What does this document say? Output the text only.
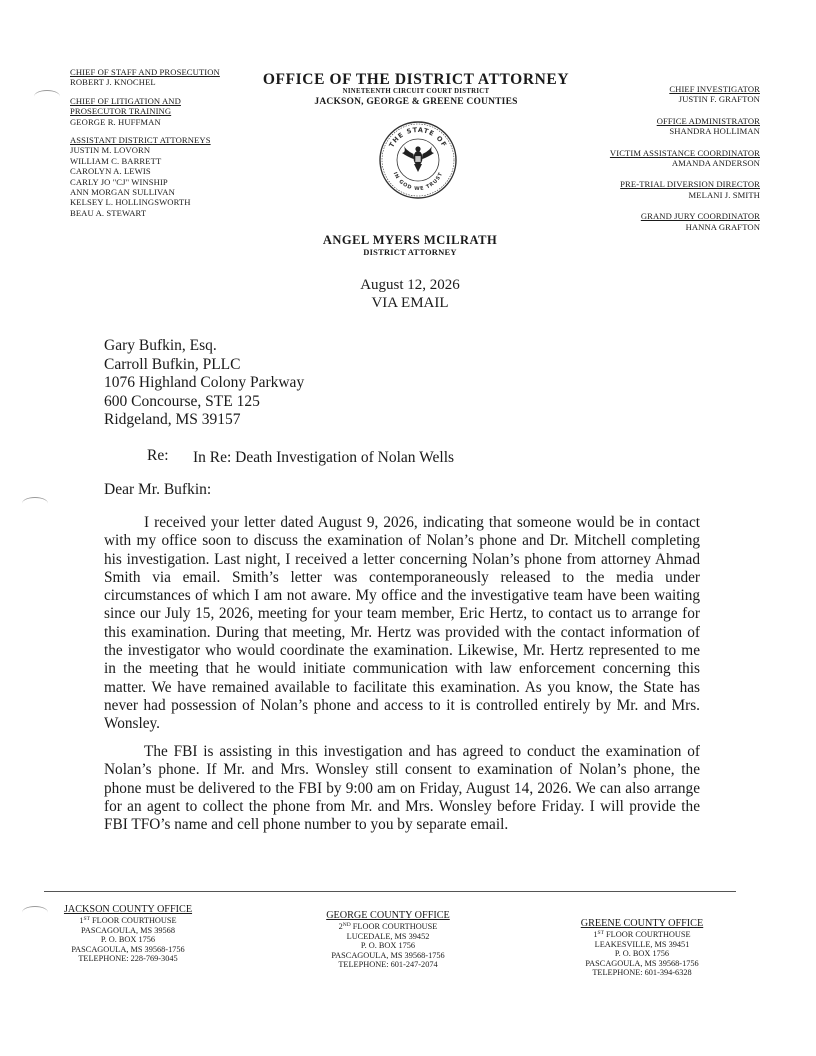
CHIEF OF STAFF AND PROSECUTION
ROBERT J. KNOCHEL
CHIEF OF LITIGATION AND
PROSECUTOR TRAINING
GEORGE R. HUFFMAN
ASSISTANT DISTRICT ATTORNEYS
JUSTIN M. LOVORN
WILLIAM C. BARRETT
CAROLYN A. LEWIS
CARLY JO "CJ" WINSHIP
ANN MORGAN SULLIVAN
KELSEY L. HOLLINGSWORTH
BEAU A. STEWART
OFFICE OF THE DISTRICT ATTORNEY
NINETEENTH CIRCUIT COURT DISTRICT
JACKSON, GEORGE & GREENE COUNTIES
THE STATE OF
IN GOD WE TRUST
CHIEF INVESTIGATOR
JUSTIN F. GRAFTON
OFFICE ADMINISTRATOR
SHANDRA HOLLIMAN
VICTIM ASSISTANCE COORDINATOR
AMANDA ANDERSON
PRE-TRIAL DIVERSION DIRECTOR
MELANI J. SMITH
GRAND JURY COORDINATOR
HANNA GRAFTON
ANGEL MYERS MCILRATH
DISTRICT ATTORNEY
August 12, 2026
VIA EMAIL
Gary Bufkin, Esq.
Carroll Bufkin, PLLC
1076 Highland Colony Parkway
600 Concourse, STE 125
Ridgeland, MS 39157
Re: In Re: Death Investigation of Nolan Wells
Dear Mr. Bufkin:
I received your letter dated August 9, 2026, indicating that someone would be in contact with my office soon to discuss the examination of Nolan’s phone and Dr. Mitchell completing his investigation. Last night, I received a letter concerning Nolan’s phone from attorney Ahmad Smith via email. Smith’s letter was contemporaneously released to the media under circumstances of which I am not aware. My office and the investigative team have been waiting since our July 15, 2026, meeting for your team member, Eric Hertz, to contact us to arrange for this examination. During that meeting, Mr. Hertz was provided with the contact information of the investigator who would coordinate the examination. Likewise, Mr. Hertz represented to me in the meeting that he would initiate communication with law enforcement concerning this matter. We have remained available to facilitate this examination. As you know, the State has never had possession of Nolan’s phone and access to it is controlled entirely by Mr. and Mrs. Wonsley.
The FBI is assisting in this investigation and has agreed to conduct the examination of Nolan’s phone. If Mr. and Mrs. Wonsley still consent to examination of Nolan’s phone, the phone must be delivered to the FBI by 9:00 am on Friday, August 14, 2026. We can also arrange for an agent to collect the phone from Mr. and Mrs. Wonsley before Friday. I will provide the FBI TFO’s name and cell phone number to you by separate email.
JACKSON COUNTY OFFICE
1ST FLOOR COURTHOUSE
PASCAGOULA, MS 39568
P. O. BOX 1756
PASCAGOULA, MS 39568-1756
TELEPHONE: 228-769-3045
GEORGE COUNTY OFFICE
2ND FLOOR COURTHOUSE
LUCEDALE, MS 39452
P. O. BOX 1756
PASCAGOULA, MS 39568-1756
TELEPHONE: 601-247-2074
GREENE COUNTY OFFICE
1ST FLOOR COURTHOUSE
LEAKESVILLE, MS 39451
P. O. BOX 1756
PASCAGOULA, MS 39568-1756
TELEPHONE: 601-394-6328
